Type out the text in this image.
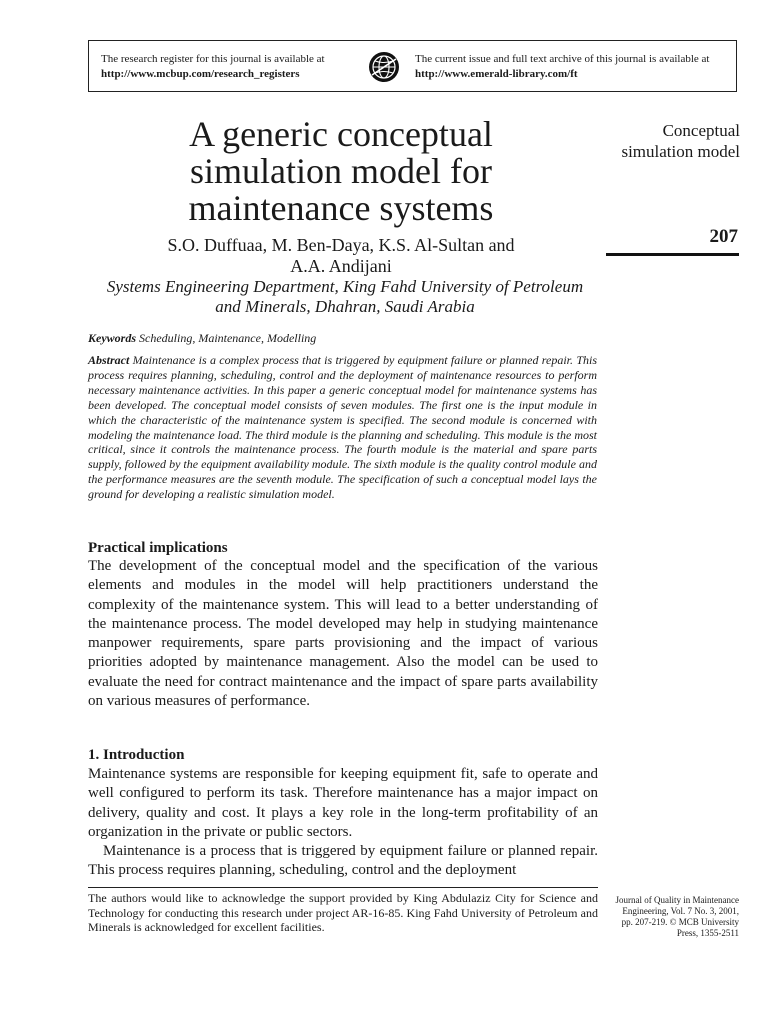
The research register for this journal is available at
http://www.mcbup.com/research_registers
The current issue and full text archive of this journal is available at
http://www.emerald-library.com/ft
A generic conceptual
simulation model for
maintenance systems
S.O. Duffuaa, M. Ben-Daya, K.S. Al-Sultan and
A.A. Andijani
Systems Engineering Department, King Fahd University of Petroleum
and Minerals, Dhahran, Saudi Arabia
Conceptual
simulation model
207
Keywords Scheduling, Maintenance, Modelling
Abstract Maintenance is a complex process that is triggered by equipment failure or planned repair. This process requires planning, scheduling, control and the deployment of maintenance resources to perform necessary maintenance activities. In this paper a generic conceptual model for maintenance systems has been developed. The conceptual model consists of seven modules. The first one is the input module in which the characteristic of the maintenance system is specified. The second module is concerned with modeling the maintenance load. The third module is the planning and scheduling. This module is the most critical, since it controls the maintenance process. The fourth module is the material and spare parts supply, followed by the equipment availability module. The sixth module is the quality control module and the performance measures are the seventh module. The specification of such a conceptual model lays the ground for developing a realistic simulation model.
Practical implications
The development of the conceptual model and the specification of the various elements and modules in the model will help practitioners understand the complexity of the maintenance system. This will lead to a better understanding of the maintenance process. The model developed may help in studying maintenance manpower requirements, spare parts provisioning and the impact of various priorities adopted by maintenance management. Also the model can be used to evaluate the need for contract maintenance and the impact of spare parts availability on various measures of performance.
1. Introduction

Maintenance systems are responsible for keeping equipment fit, safe to operate and well configured to perform its task. Therefore maintenance has a major impact on delivery, quality and cost. It plays a key role in the long-term profitability of an organization in the private or public sectors.

Maintenance is a process that is triggered by equipment failure or planned repair. This process requires planning, scheduling, control and the deployment

The authors would like to acknowledge the support provided by King Abdulaziz City for Science and Technology for conducting this research under project AR-16-85. King Fahd University of Petroleum and Minerals is acknowledged for excellent facilities.
Journal of Quality in Maintenance
Engineering, Vol. 7 No. 3, 2001,
pp. 207-219. © MCB University
Press, 1355-2511
